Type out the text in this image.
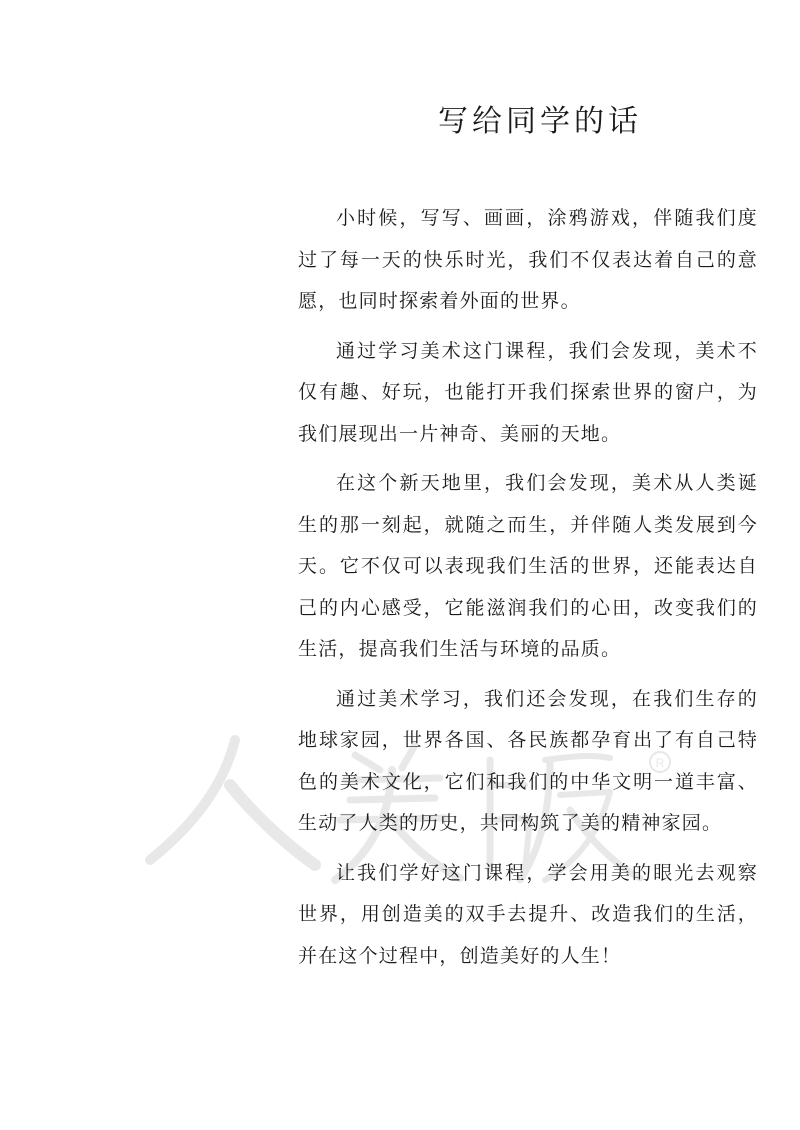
R
写给同学的话

小时候，写写、画画，涂鸦游戏，伴随我们度过了每一天的快乐时光，我们不仅表达着自己的意愿，也同时探索着外面的世界。

通过学习美术这门课程，我们会发现，美术不仅有趣、好玩，也能打开我们探索世界的窗户，为我们展现出一片神奇、美丽的天地。

在这个新天地里，我们会发现，美术从人类诞生的那一刻起，就随之而生，并伴随人类发展到今天。它不仅可以表现我们生活的世界，还能表达自己的内心感受，它能滋润我们的心田，改变我们的生活，提高我们生活与环境的品质。

通过美术学习，我们还会发现，在我们生存的地球家园，世界各国、各民族都孕育出了有自己特色的美术文化，它们和我们的中华文明一道丰富、生动了人类的历史，共同构筑了美的精神家园。

让我们学好这门课程，学会用美的眼光去观察世界，用创造美的双手去提升、改造我们的生活，并在这个过程中，创造美好的人生！
